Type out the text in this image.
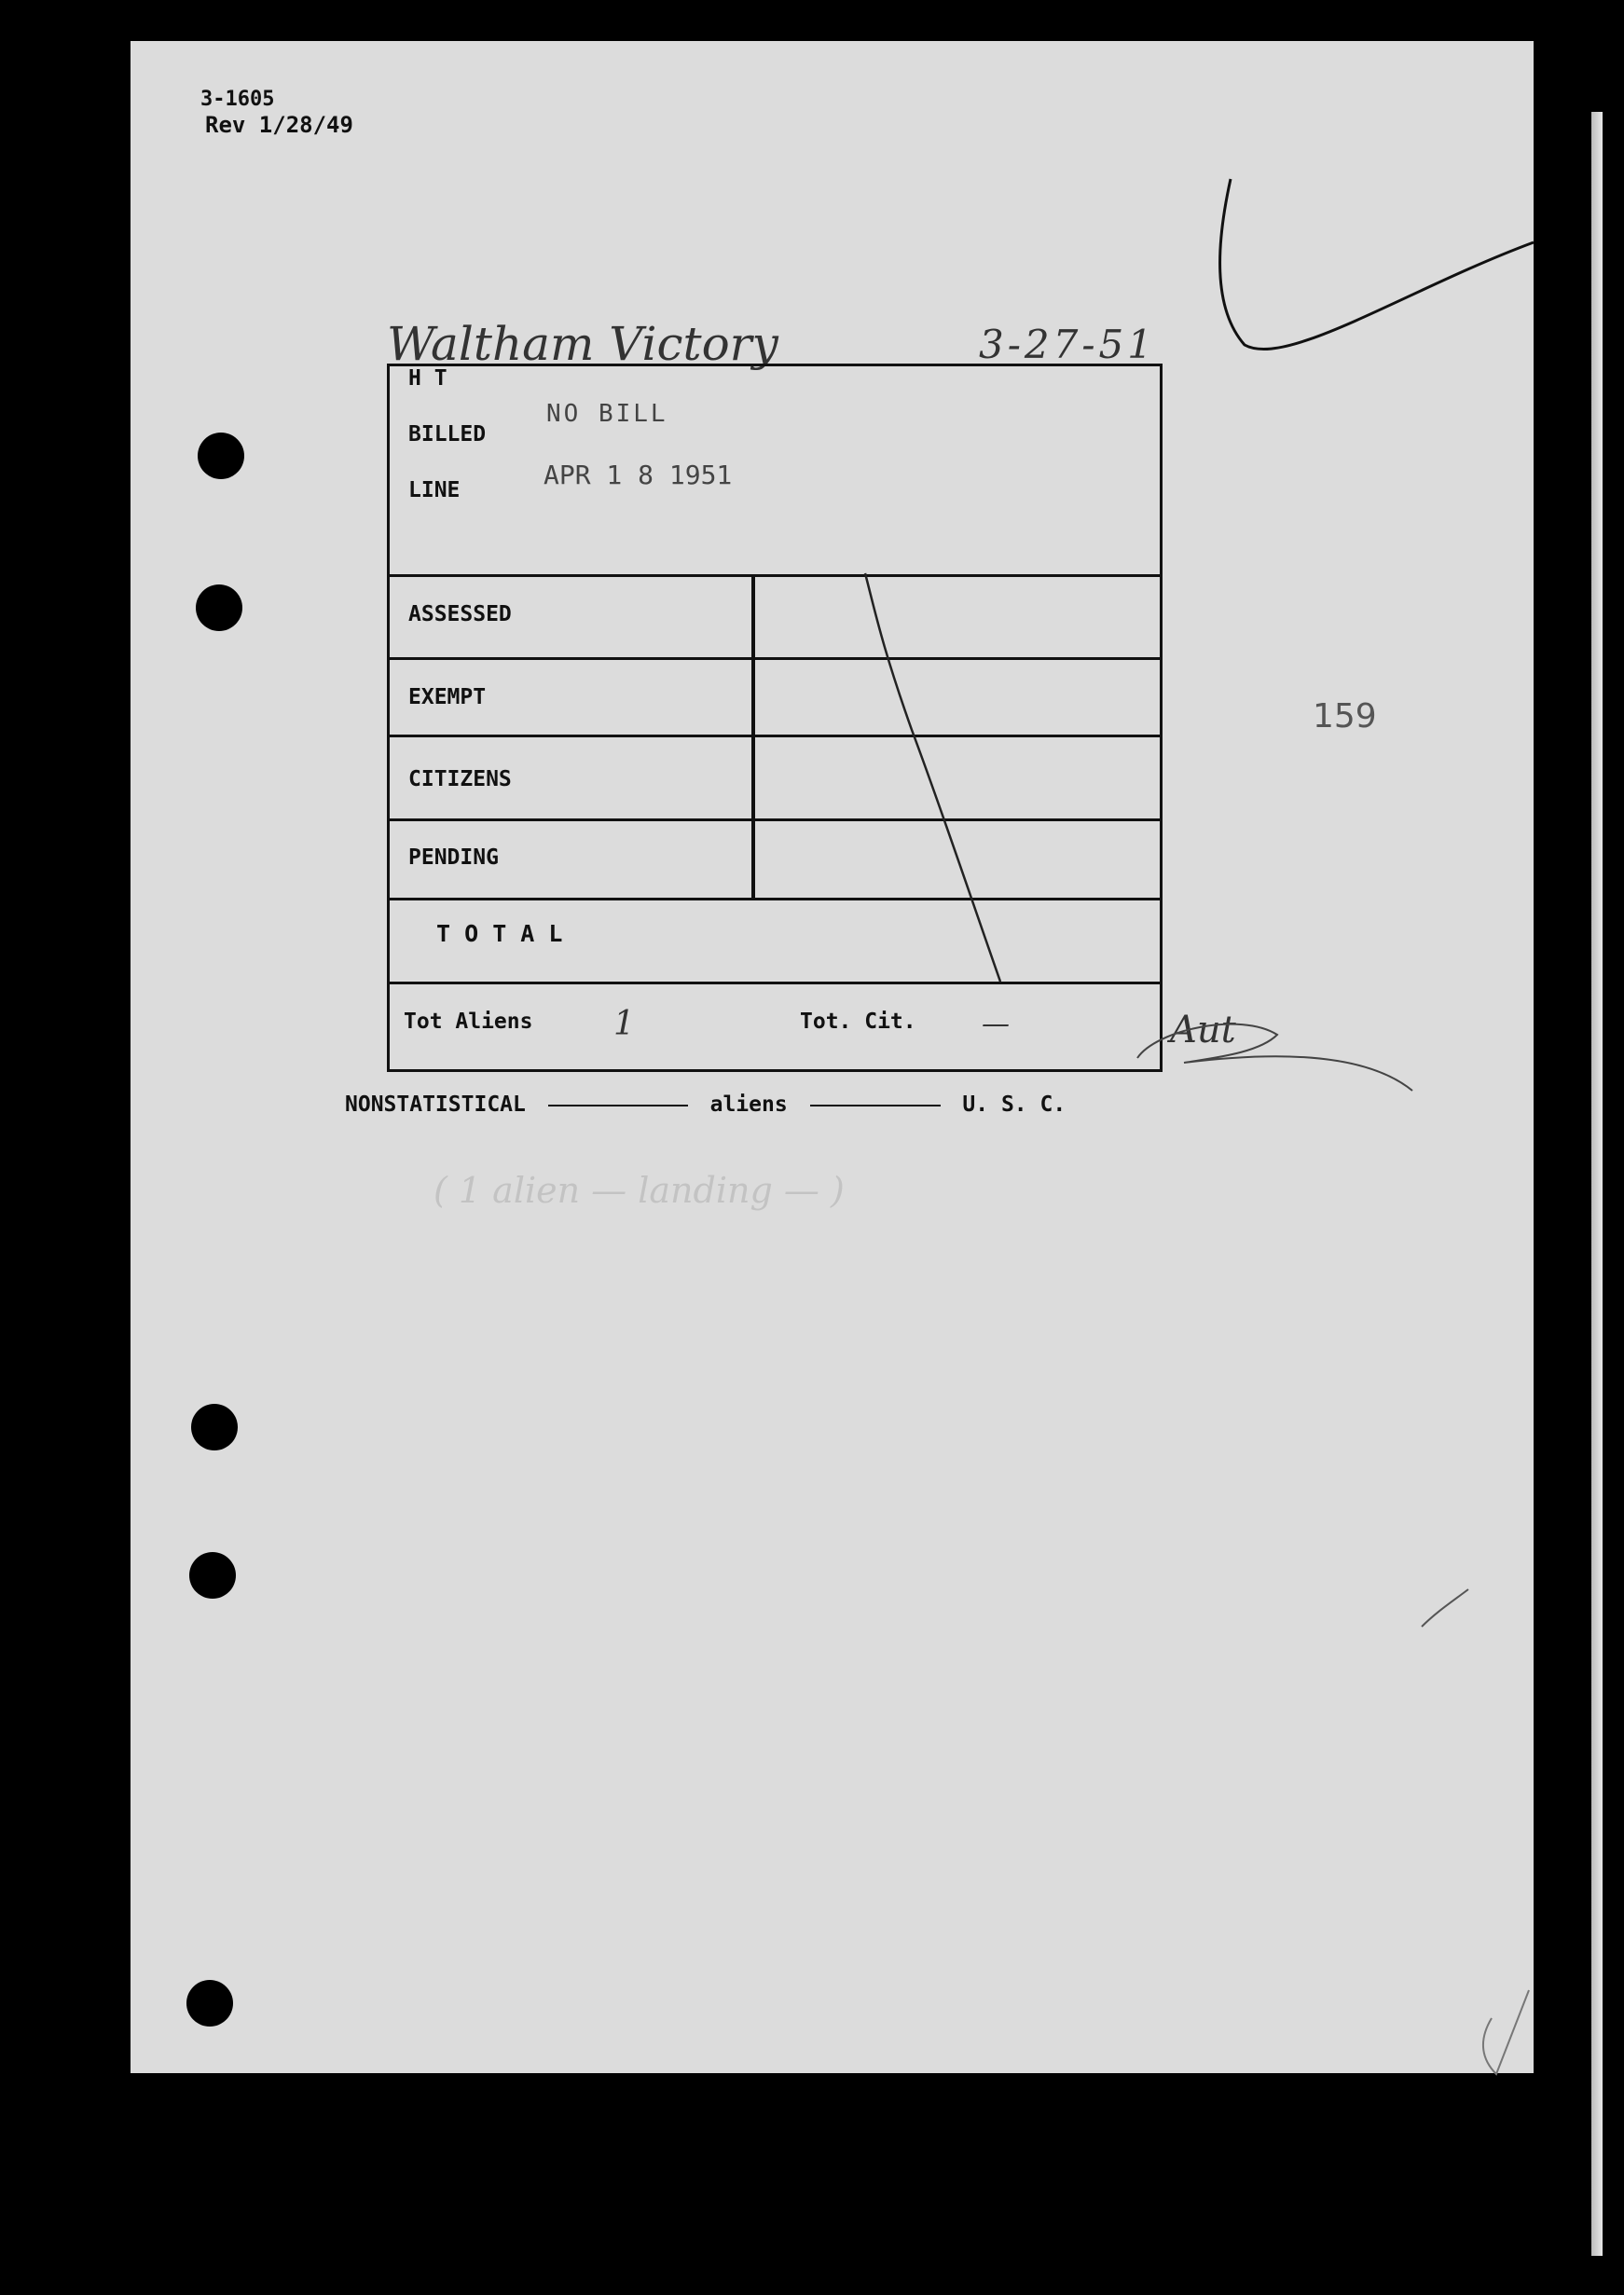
3-1605
Rev 1/28/49
Waltham Victory	3-27-51
159
H T
BILLED
LINE
NO BILL
APR 1 8 1951
ASSESSED
EXEMPT
CITIZENS
PENDING
T O T A L
Tot Aliens 1	Tot. Cit. —	Aut
NONSTATISTICAL	aliens	U. S. C.
( 1 alien — landing — )
